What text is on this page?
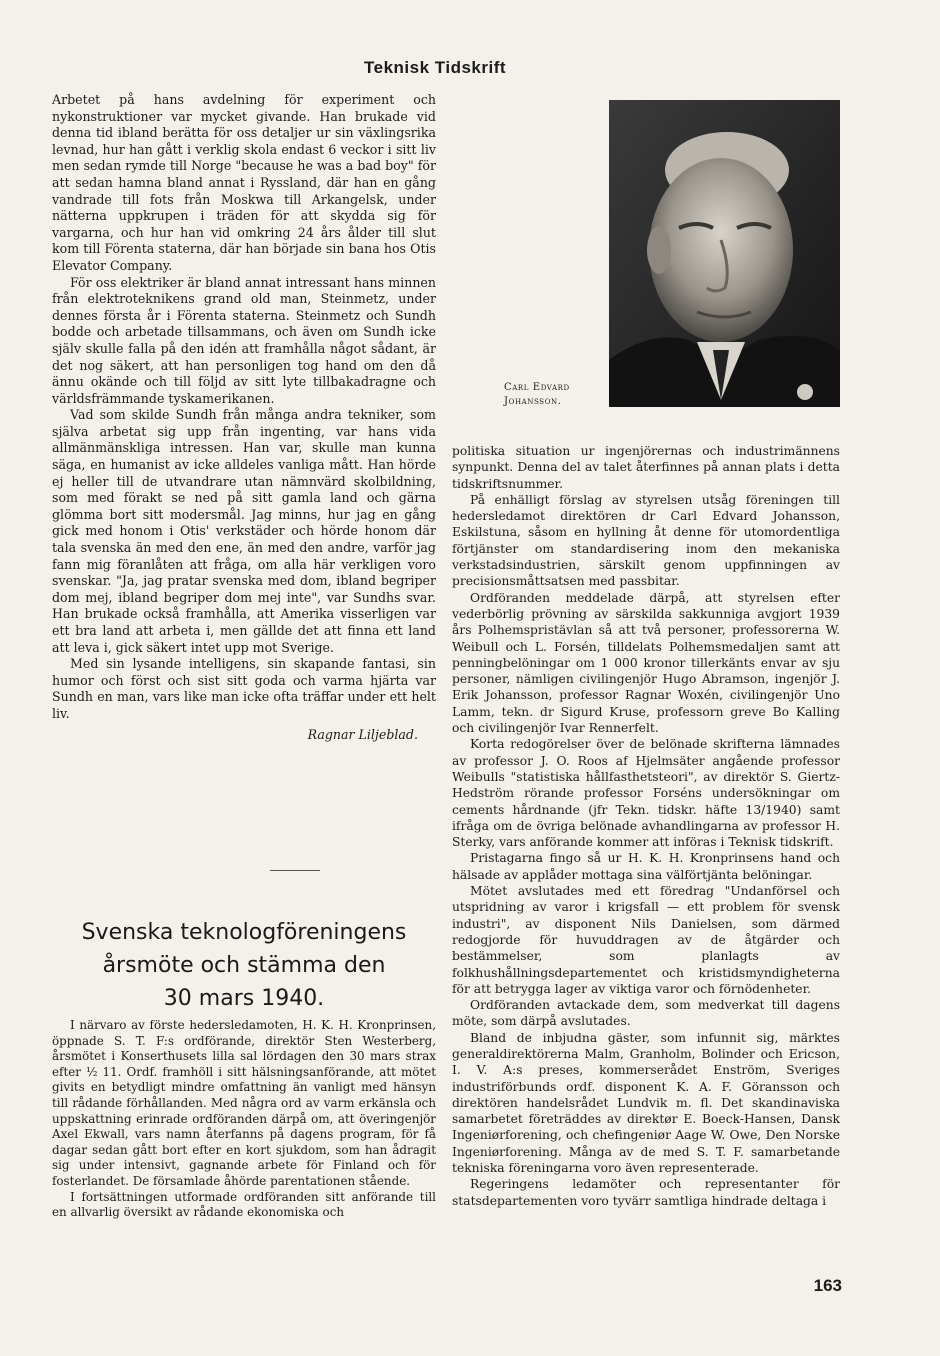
Teknisk Tidskrift

Arbetet på hans avdelning för experiment och nykonstruktioner var mycket givande. Han brukade vid denna tid ibland berätta för oss detaljer ur sin växlingsrika levnad, hur han gått i verklig skola endast 6 veckor i sitt liv men sedan rymde till Norge "because he was a bad boy" för att sedan hamna bland annat i Ryssland, där han en gång vandrade till fots från Moskwa till Arkangelsk, under nätterna uppkrupen i träden för att skydda sig för vargarna, och hur han vid omkring 24 års ålder till slut kom till Förenta staterna, där han började sin bana hos Otis Elevator Company.

För oss elektriker är bland annat intressant hans minnen från elektroteknikens grand old man, Steinmetz, under dennes första år i Förenta staterna. Steinmetz och Sundh bodde och arbetade tillsammans, och även om Sundh icke själv skulle falla på den idén att framhålla något sådant, är det nog säkert, att han personligen tog hand om den då ännu okände och till följd av sitt lyte tillbakadragne och världsfrämmande tyskamerikanen.

Vad som skilde Sundh från många andra tekniker, som själva arbetat sig upp från ingenting, var hans vida allmänmänskliga intressen. Han var, skulle man kunna säga, en humanist av icke alldeles vanliga mått. Han hörde ej heller till de utvandrare utan nämnvärd skolbildning, som med förakt se ned på sitt gamla land och gärna glömma bort sitt modersmål. Jag minns, hur jag en gång gick med honom i Otis' verkstäder och hörde honom där tala svenska än med den ene, än med den andre, varför jag fann mig föranlåten att fråga, om alla här verkligen voro svenskar. "Ja, jag pratar svenska med dom, ibland begriper dom mej, ibland begriper dom mej inte", var Sundhs svar. Han brukade också framhålla, att Amerika visserligen var ett bra land att arbeta i, men gällde det att finna ett land att leva i, gick säkert intet upp mot Sverige.

Med sin lysande intelligens, sin skapande fantasi, sin humor och först och sist sitt goda och varma hjärta var Sundh en man, vars like man icke ofta träffar under ett helt liv.

Ragnar Liljeblad.
Svenska teknologföreningens
årsmöte och stämma den
30 mars 1940.

I närvaro av förste hedersledamoten, H. K. H. Kronprinsen, öppnade S. T. F:s ordförande, direktör Sten Westerberg, årsmötet i Konserthusets lilla sal lördagen den 30 mars strax efter ½ 11. Ordf. framhöll i sitt hälsningsanförande, att mötet givits en betydligt mindre omfattning än vanligt med hänsyn till rådande förhållanden. Med några ord av varm erkänsla och uppskattning erinrade ordföranden därpå om, att överingenjör Axel Ekwall, vars namn återfanns på dagens program, för få dagar sedan gått bort efter en kort sjukdom, som han ådragit sig under intensivt, gagnande arbete för Finland och för fosterlandet. De församlade åhörde parentationen stående.

I fortsättningen utformade ordföranden sitt anförande till en allvarlig översikt av rådande ekonomiska och

Carl Edvard
Johansson.

politiska situation ur ingenjörernas och industrimännens synpunkt. Denna del av talet återfinnes på annan plats i detta tidskriftsnummer.

På enhälligt förslag av styrelsen utsåg föreningen till hedersledamot direktören dr Carl Edvard Johansson, Eskilstuna, såsom en hyllning åt denne för utomordentliga förtjänster om standardisering inom den mekaniska verkstadsindustrien, särskilt genom uppfinningen av precisionsmåttsatsen med passbitar.

Ordföranden meddelade därpå, att styrelsen efter vederbörlig prövning av särskilda sakkunniga avgjort 1939 års Polhemspristävlan så att två personer, professorerna W. Weibull och L. Forsén, tilldelats Polhemsmedaljen samt att penningbelöningar om 1 000 kronor tillerkänts envar av sju personer, nämligen civilingenjör Hugo Abramson, ingenjör J. Erik Johansson, professor Ragnar Woxén, civilingenjör Uno Lamm, tekn. dr Sigurd Kruse, professorn greve Bo Kalling och civilingenjör Ivar Rennerfelt.

Korta redogörelser över de belönade skrifterna lämnades av professor J. O. Roos af Hjelmsäter angående professor Weibulls "statistiska hållfasthetsteori", av direktör S. Giertz-Hedström rörande professor Forséns undersökningar om cements hårdnande (jfr Tekn. tidskr. häfte 13/1940) samt ifråga om de övriga belönade avhandlingarna av professor H. Sterky, vars anförande kommer att införas i Teknisk tidskrift.

Pristagarna fingo så ur H. K. H. Kronprinsens hand och hälsade av applåder mottaga sina välförtjänta belöningar.

Mötet avslutades med ett föredrag "Undanförsel och utspridning av varor i krigsfall — ett problem för svensk industri", av disponent Nils Danielsen, som därmed redogjorde för huvuddragen av de åtgärder och bestämmelser, som planlagts av folkhushållningsdepartementet och kristidsmyndigheterna för att betrygga lager av viktiga varor och förnödenheter.

Ordföranden avtackade dem, som medverkat till dagens möte, som därpå avslutades.

Bland de inbjudna gäster, som infunnit sig, märktes generaldirektörerna Malm, Granholm, Bolinder och Ericson, I. V. A:s preses, kommerserådet Enström, Sveriges industriförbunds ordf. disponent K. A. F. Göransson och direktören handelsrådet Lundvik m. fl. Det skandinaviska samarbetet företräddes av direktør E. Boeck-Hansen, Dansk Ingeniørforening, och chefingeniør Aage W. Owe, Den Norske Ingeniørforening. Många av de med S. T. F. samarbetande tekniska föreningarna voro även representerade.

Regeringens ledamöter och representanter för statsdepartementen voro tyvärr samtliga hindrade deltaga i

163
